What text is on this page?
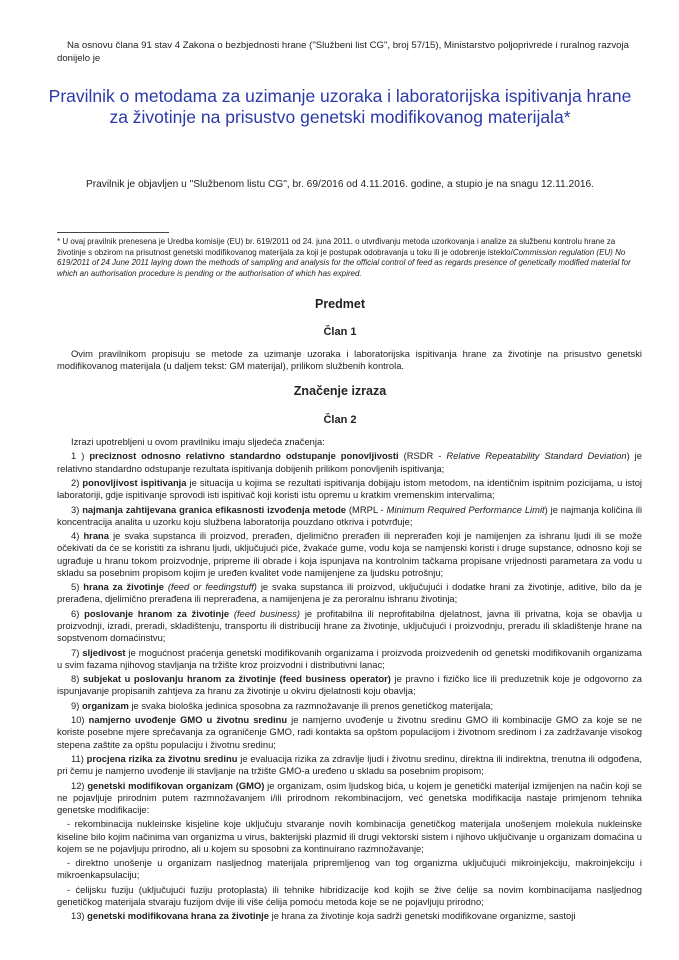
Na osnovu člana 91 stav 4 Zakona o bezbjednosti hrane ("Službeni list CG", broj 57/15), Ministarstvo poljoprivrede i ruralnog razvoja donijelo je

Pravilnik o metodama za uzimanje uzoraka i laboratorijska ispitivanja hrane za životinje na prisustvo genetski modifikovanog materijala*

Pravilnik je objavljen u "Službenom listu CG", br. 69/2016 od 4.11.2016. godine, a stupio je na snagu 12.11.2016.

* U ovaj pravilnik prenesena je Uredba komisije (EU) br. 619/2011 od 24. juna 2011. o utvrđivanju metoda uzorkovanja i analize za službenu kontrolu hrane za životinje s obzirom na prisutnost genetski modifikovanog materijala za koji je postupak odobravanja u toku ili je odobrenje isteklo/Commission regulation (EU) No 619/2011 of 24 June 2011 laying down the methods of sampling and analysis for the official control of feed as regards presence of genetically modified material for which an authorisation procedure is pending or the authorisation of which has expired.

Predmet
Član 1

Ovim pravilnikom propisuju se metode za uzimanje uzoraka i laboratorijska ispitivanja hrane za životinje na prisustvo genetski modifikovanog materijala (u daljem tekst: GM materijal), prilikom službenih kontrola.

Značenje izraza
Član 2

Izrazi upotrebljeni u ovom pravilniku imaju sljedeća značenja:

1 ) preciznost odnosno relativno standardno odstupanje ponovljivosti (RSDR - Relative Repeatability Standard Deviation) je relativno standardno odstupanje rezultata ispitivanja dobijenih prilikom ponovljenih ispitivanja;

2) ponovljivost ispitivanja je situacija u kojima se rezultati ispitivanja dobijaju istom metodom, na identičnim ispitnim pozicijama, u istoj laboratoriji, gdje ispitivanje sprovodi isti ispitivač koji koristi istu opremu u kratkim vremenskim intervalima;

3) najmanja zahtijevana granica efikasnosti izvođenja metode (MRPL - Minimum Required Performance Limit) je najmanja količina ili koncentracija analita u uzorku koju službena laboratorija pouzdano otkriva i potvrđuje;

4) hrana je svaka supstanca ili proizvod, prerađen, djelimično prerađen ili neprerađen koji je namijenjen za ishranu ljudi ili se može očekivati da će se koristiti za ishranu ljudi, uključujući piće, žvakaće gume, vodu koja se namjenski koristi i druge supstance, odnosno koji se ugrađuje u hranu tokom proizvodnje, pripreme ili obrade i koja ispunjava na kontrolnim tačkama propisane vrijednosti parametara za vodu u skladu sa posebnim propisom kojim je uređen kvalitet vode namijenjene za ljudsku potrošnju;

5) hrana za životinje (feed or feedingstuff) je svaka supstanca ili proizvod, uključujući i dodatke hrani za životinje, aditive, bilo da je prerađena, djelimično prerađena ili neprerađena, a namijenjena je za peroralnu ishranu životinja;

6) poslovanje hranom za životinje (feed business) je profitabilna ili neprofitabilna djelatnost, javna ili privatna, koja se obavlja u proizvodnji, izradi, preradi, skladištenju, transportu ili distribuciji hrane za životinje, uključujući i proizvodnju, preradu ili skladištenje hrane na sopstvenom domaćinstvu;

7) sljedivost je mogućnost praćenja genetski modifikovanih organizama i proizvoda proizvedenih od genetski modifikovanih organizama u svim fazama njihovog stavljanja na tržište kroz proizvodni i distributivni lanac;

8) subjekat u poslovanju hranom za životinje (feed business operator) je pravno i fizičko lice ili preduzetnik koje je odgovorno za ispunjavanje propisanih zahtjeva za hranu za životinje u okviru djelatnosti koju obavlja;

9) organizam je svaka biološka jedinica sposobna za razmnožavanje ili prenos genetičkog materijala;

10) namjerno uvođenje GMO u životnu sredinu je namjerno uvođenje u životnu sredinu GMO ili kombinacije GMO za koje se ne koriste posebne mjere sprečavanja za ograničenje GMO, radi kontakta sa opštom populacijom i životnom sredinom i za zadržavanje visokog stepena zaštite za opštu populaciju i životnu sredinu;

11) procjena rizika za životnu sredinu je evaluacija rizika za zdravlje ljudi i životnu sredinu, direktna ili indirektna, trenutna ili odgođena, pri čemu je namjerno uvođenje ili stavljanje na tržište GMO-a uređeno u skladu sa posebnim propisom;

12) genetski modifikovan organizam (GMO) je organizam, osim ljudskog bića, u kojem je genetički materijal izmijenjen na način koji se ne pojavljuje prirodnim putem razmnožavanjem i/ili prirodnom rekombinacijom, već genetska modifikacija nastaje primjenom tehnika genetske modifikacije:

- rekombinacija nukleinske kisjeline koje uključuju stvaranje novih kombinacija genetičkog materijala unošenjem molekula nukleinske kiseline bilo kojim načinima van organizma u virus, bakterijski plazmid ili drugi vektorski sistem i njihovo uključivanje u organizam domaćina u kojem se ne pojavljuju prirodno, ali u kojem su sposobni za kontinuirano razmnožavanje;

- direktno unošenje u organizam nasljednog materijala pripremljenog van tog organizma uključujući mikroinjekciju, makroinjekciju i mikroenkapsulaciju;

- ćelijsku fuziju (uključujući fuziju protoplasta) ili tehnike hibridizacije kod kojih se žive ćelije sa novim kombinacijama nasljednog genetičkog materijala stvaraju fuzijom dvije ili više ćelija pomoću metoda koje se ne pojavljuju prirodno;

13) genetski modifikovana hrana za životinje je hrana za životinje koja sadrži genetski modifikovane organizme, sastoji
